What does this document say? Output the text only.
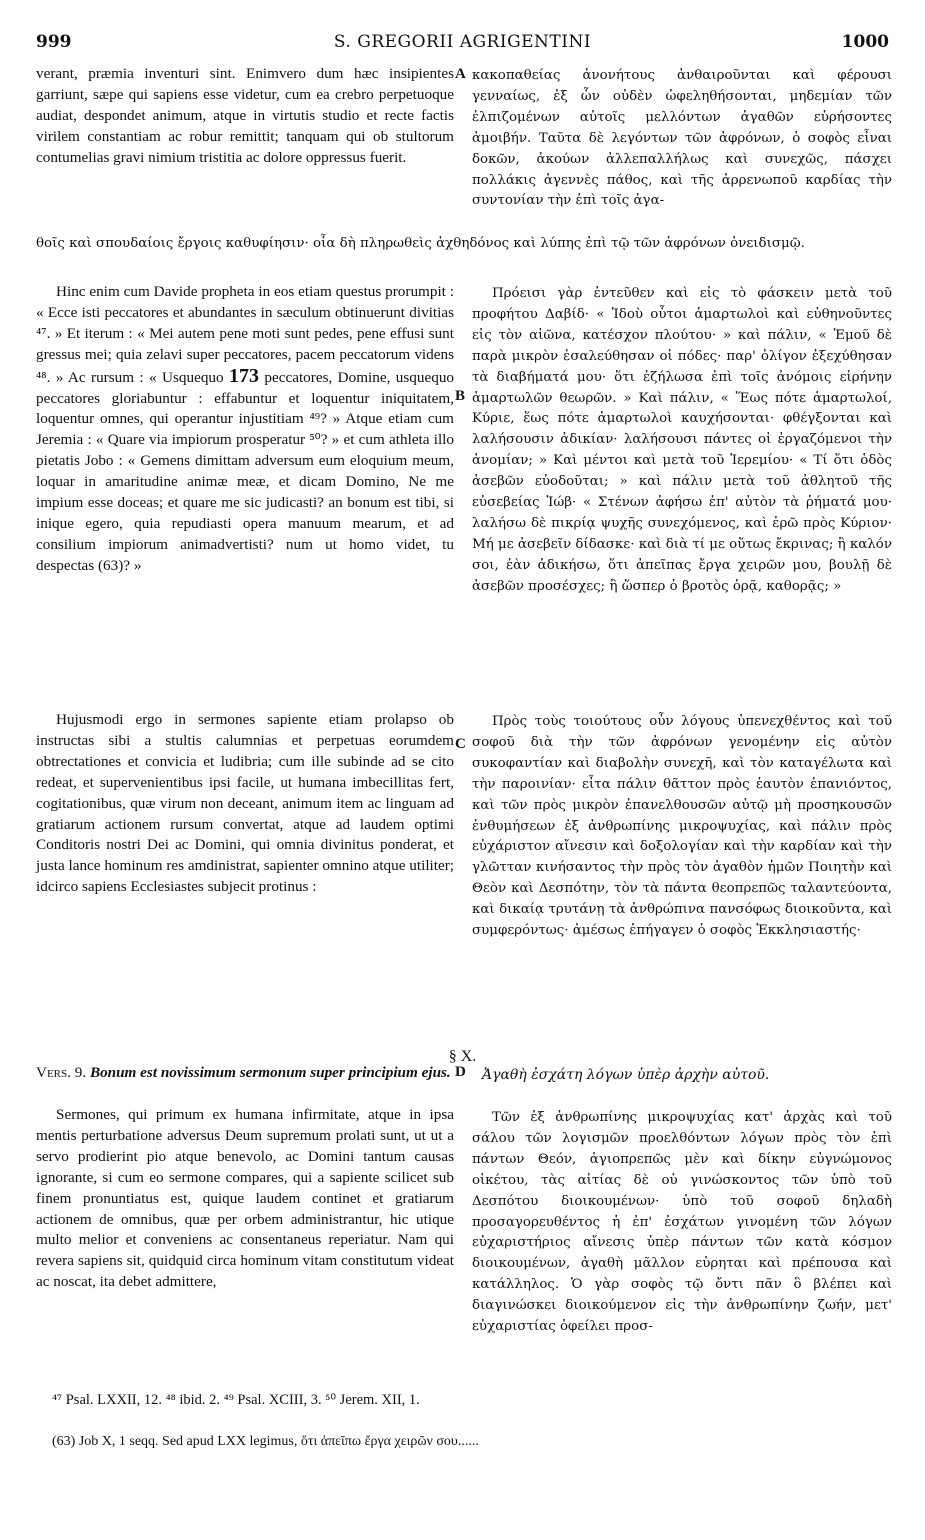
999	S. GREGORII AGRIGENTINI	1000

verant, præmia inventuri sint. Enimvero dum hæc insipientes garriunt, sæpe qui sapiens esse videtur, cum ea crebro perpetuoque audiat, despondet animum, atque in virtutis studio et recte factis virilem constantiam ac robur remittit; tanquam qui ob stultorum contumelias gravi nimium tristitia ac dolore oppressus fuerit.

κακοπαθείας ἀνονήτους ἀνθαιροῦνται καὶ φέρουσι γενναίως, ἐξ ὧν οὐδὲν ὠφεληθήσονται, μηδεμίαν τῶν ἐλπιζομένων αὐτοῖς μελλόντων ἀγαθῶν εὑρήσοντες ἀμοιβήν. Ταῦτα δὲ λεγόντων τῶν ἀφρόνων, ὁ σοφὸς εἶναι δοκῶν, ἀκούων ἀλλεπαλλήλως καὶ συνεχῶς, πάσχει πολλάκις ἀγεννὲς πάθος, καὶ τῆς ἀρρενωποῦ καρδίας τὴν συντονίαν τὴν ἐπὶ τοῖς ἀγα-

θοῖς καὶ σπουδαίοις ἔργοις καθυφίησιν· οἷα δὴ πληρωθεὶς ἀχθηδόνος καὶ λύπης ἐπὶ τῷ τῶν ἀφρόνων ὀνειδισμῷ.

Hinc enim cum Davide propheta in eos etiam questus prorumpit : « Ecce isti peccatores et abundantes in sæculum obtinuerunt divitias ⁴⁷. » Et iterum : « Mei autem pene moti sunt pedes, pene effusi sunt gressus mei; quia zelavi super peccatores, pacem peccatorum videns ⁴⁸. » Ac rursum : « Usquequo 173 peccatores, Domine, usquequo peccatores gloriabuntur : effabuntur et loquentur iniquitatem, loquentur omnes, qui operantur injustitiam ⁴⁹? » Atque etiam cum Jeremia : « Quare via impiorum prosperatur ⁵⁰? » et cum athleta illo pietatis Jobo : « Gemens dimittam adversum eum eloquium meum, loquar in amaritudine animæ meæ, et dicam Domino, Ne me impium esse doceas; et quare me sic judicasti? an bonum est tibi, si inique egero, quia repudiasti opera manuum mearum, et ad consilium impiorum animadvertisti? num ut homo videt, tu despectas (63)? »

Πρόεισι γὰρ ἐντεῦθεν καὶ εἰς τὸ φάσκειν μετὰ τοῦ προφήτου Δαβίδ· « Ἰδοὺ οὗτοι ἁμαρτωλοὶ καὶ εὐθηνοῦντες εἰς τὸν αἰῶνα, κατέσχον πλούτου· » καὶ πάλιν, « Ἐμοῦ δὲ παρὰ μικρὸν ἐσαλεύθησαν οἱ πόδες· παρ' ὀλίγον ἐξεχύθησαν τὰ διαβήματά μου· ὅτι ἐζήλωσα ἐπὶ τοῖς ἀνόμοις εἰρήνην ἁμαρτωλῶν θεωρῶν. » Καὶ πάλιν, « Ἕως πότε ἁμαρτωλοί, Κύριε, ἕως πότε ἁμαρτωλοὶ καυχήσονται· φθέγξονται καὶ λαλήσουσιν ἀδικίαν· λαλήσουσι πάντες οἱ ἐργαζόμενοι τὴν ἀνομίαν; » Καὶ μέντοι καὶ μετὰ τοῦ Ἱερεμίου· « Τί ὅτι ὁδὸς ἀσεβῶν εὐοδοῦται; » καὶ πάλιν μετὰ τοῦ ἀθλητοῦ τῆς εὐσεβείας Ἰώβ· « Στένων ἀφήσω ἐπ' αὐτὸν τὰ ῥήματά μου· λαλήσω δὲ πικρίᾳ ψυχῆς συνεχόμενος, καὶ ἐρῶ πρὸς Κύριον· Μή με ἀσεβεῖν δίδασκε· καὶ διὰ τί με οὕτως ἔκρινας; ἢ καλόν σοι, ἐὰν ἀδικήσω, ὅτι ἀπεῖπας ἔργα χειρῶν μου, βουλῇ δὲ ἀσεβῶν προσέσχες; ἢ ὥσπερ ὁ βροτὸς ὁρᾷ, καθορᾷς; »

Hujusmodi ergo in sermones sapiente etiam prolapso ob instructas sibi a stultis calumnias et perpetuas eorumdem obtrectationes et convicia et ludibria; cum ille subinde ad se cito redeat, et supervenientibus ipsi facile, ut humana imbecillitas fert, cogitationibus, quæ virum non deceant, animum item ac linguam ad gratiarum actionem rursum convertat, atque ad laudem optimi Conditoris nostri Dei ac Domini, qui omnia divinitus ponderat, et justa lance hominum res amdinistrat, sapienter omnino atque utiliter; idcirco sapiens Ecclesiastes subjecit protinus :

Πρὸς τοὺς τοιούτους οὖν λόγους ὑπενεχθέντος καὶ τοῦ σοφοῦ διὰ τὴν τῶν ἀφρόνων γενομένην εἰς αὐτὸν συκοφαντίαν καὶ διαβολὴν συνεχῆ, καὶ τὸν καταγέλωτα καὶ τὴν παροινίαν· εἶτα πάλιν θᾶττον πρὸς ἑαυτὸν ἐπανιόντος, καὶ τῶν πρὸς μικρὸν ἐπανελθουσῶν αὐτῷ μὴ προσηκουσῶν ἐνθυμήσεων ἐξ ἀνθρωπίνης μικροψυχίας, καὶ πάλιν πρὸς εὐχάριστον αἴνεσιν καὶ δοξολογίαν καὶ τὴν καρδίαν καὶ τὴν γλῶτταν κινήσαντος τὴν πρὸς τὸν ἀγαθὸν ἡμῶν Ποιητὴν καὶ Θεὸν καὶ Δεσπότην, τὸν τὰ πάντα θεοπρεπῶς ταλαντεύοντα, καὶ δικαίᾳ τρυτάνῃ τὰ ἀνθρώπινα πανσόφως διοικοῦντα, καὶ συμφερόντως· ἀμέσως ἐπήγαγεν ὁ σοφὸς Ἐκκλησιαστής·

A
B
C
D
§ X.

Vers. 9. Bonum est novissimum sermonum super principium ejus.	Ἀγαθὴ ἐσχάτη λόγων ὑπὲρ ἀρχὴν αὐτοῦ.

Sermones, qui primum ex humana infirmitate, atque in ipsa mentis perturbatione adversus Deum supremum prolati sunt, ut ut a servo prodierint pio atque benevolo, ac Domini tantum causas ignorante, si cum eo sermone compares, qui a sapiente scilicet sub finem pronuntiatus est, quique laudem continet et gratiarum actionem de omnibus, quæ per orbem administrantur, hic utique multo melior et conveniens ac consentaneus reperiatur. Nam qui revera sapiens sit, quidquid circa hominum vitam constitutum videat ac noscat, ita debet admittere,

Τῶν ἐξ ἀνθρωπίνης μικροψυχίας κατ' ἀρχὰς καὶ τοῦ σάλου τῶν λογισμῶν προελθόντων λόγων πρὸς τὸν ἐπὶ πάντων Θεόν, ἁγιοπρεπῶς μὲν καὶ δίκην εὐγνώμονος οἰκέτου, τὰς αἰτίας δὲ οὐ γινώσκοντος τῶν ὑπὸ τοῦ Δεσπότου διοικουμένων· ὑπὸ τοῦ σοφοῦ δηλαδὴ προσαγορευθέντος ἡ ἐπ' ἐσχάτων γινομένη τῶν λόγων εὐχαριστήριος αἴνεσις ὑπὲρ πάντων τῶν κατὰ κόσμον διοικουμένων, ἀγαθὴ μᾶλλον εὑρηται καὶ πρέπουσα καὶ κατάλληλος. Ὁ γὰρ σοφὸς τῷ ὄντι πᾶν ὃ βλέπει καὶ διαγινώσκει διοικούμενον εἰς τὴν ἀνθρωπίνην ζωήν, μετ' εὐχαριστίας ὀφείλει προσ-

⁴⁷ Psal. LXXII, 12. ⁴⁸ ibid. 2. ⁴⁹ Psal. XCIII, 3. ⁵⁰ Jerem. XII, 1.
(63) Job X, 1 seqq. Sed apud LXX legimus, ὅτι ἀπεῖπω ἔργα χειρῶν σου......
